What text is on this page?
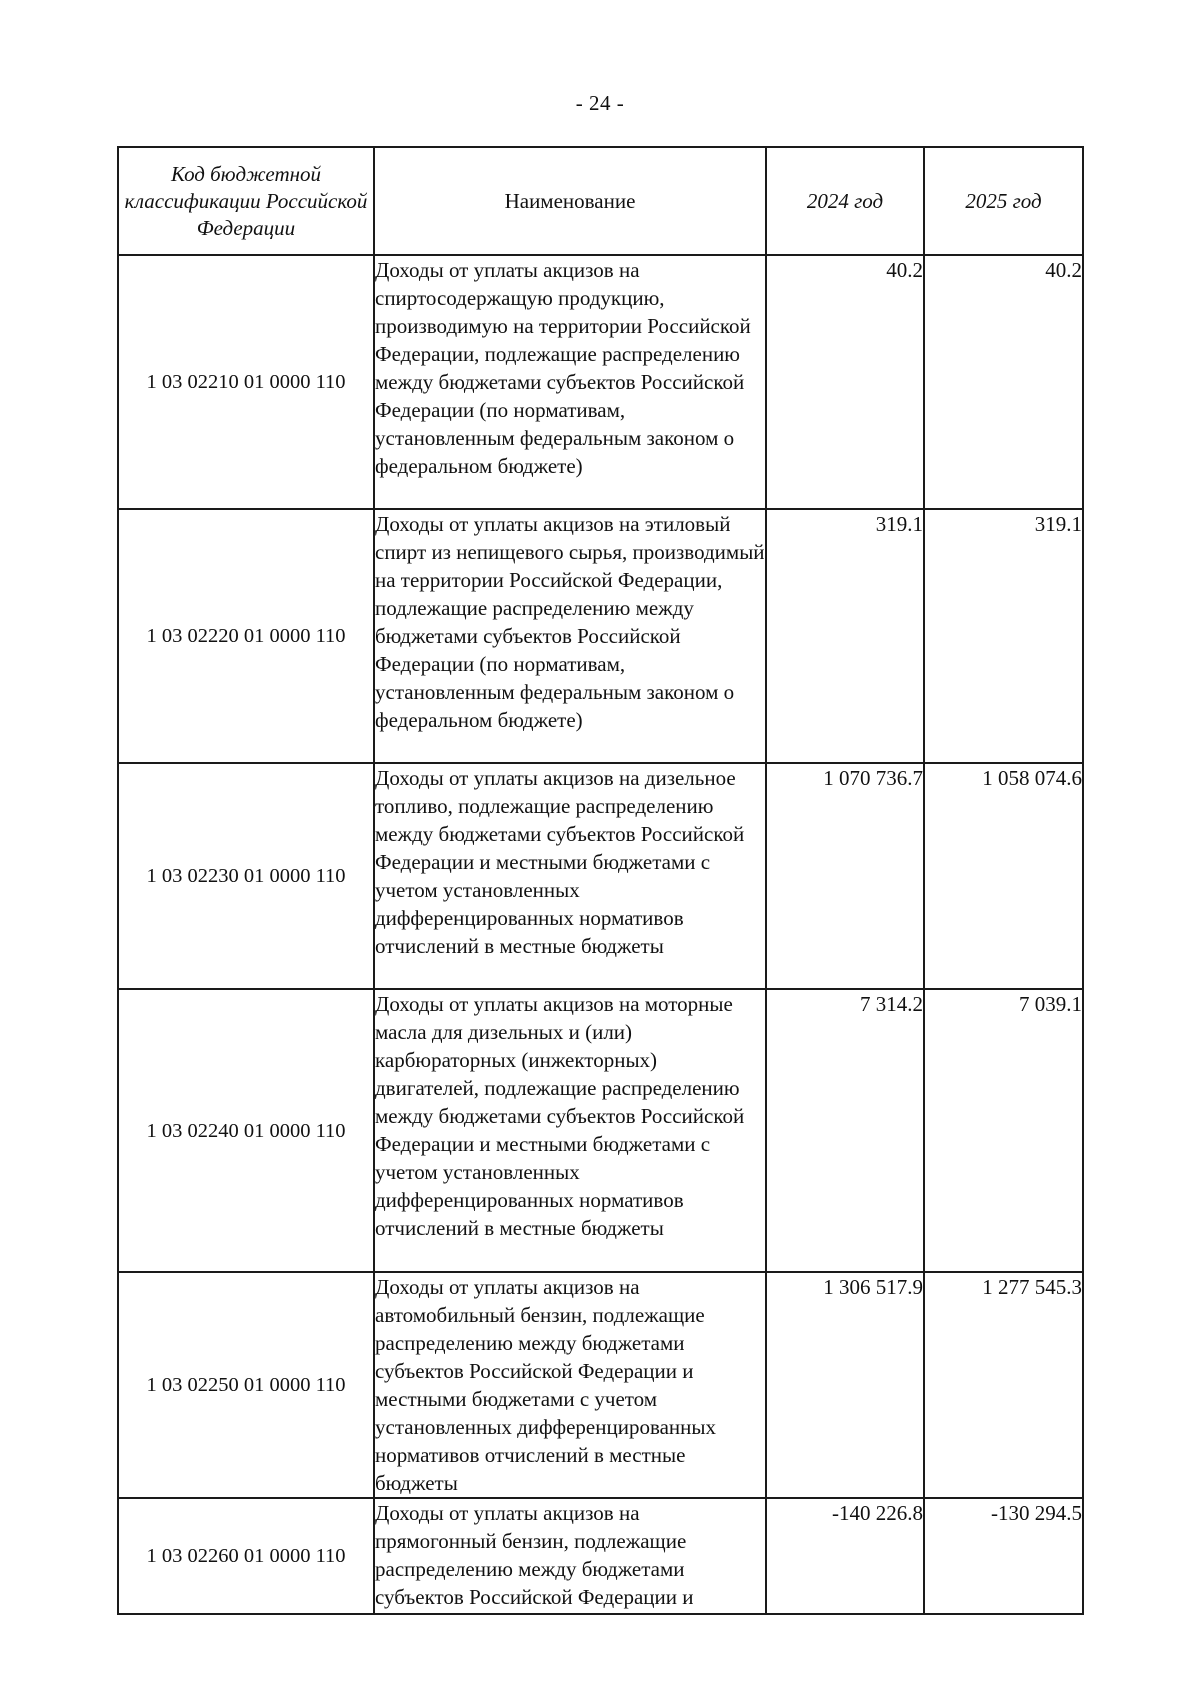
- 24 -
Код бюджетной классификации Российской Федерации	Наименование	2024 год	2025 год
1 03 02210 01 0000 110	Доходы от уплаты акцизов на спиртосодержащую продукцию, производимую на территории Российской Федерации, подлежащие распределению между бюджетами субъектов Российской Федерации (по нормативам, установленным федеральным законом о федеральном бюджете)	40.2	40.2
1 03 02220 01 0000 110	Доходы от уплаты акцизов на этиловый спирт из непищевого сырья, производимый на территории Российской Федерации, подлежащие распределению между бюджетами субъектов Российской Федерации (по нормативам, установленным федеральным законом о федеральном бюджете)	319.1	319.1
1 03 02230 01 0000 110	Доходы от уплаты акцизов на дизельное топливо, подлежащие распределению между бюджетами субъектов Российской Федерации и местными бюджетами с учетом установленных дифференцированных нормативов отчислений в местные бюджеты	1 070 736.7	1 058 074.6
1 03 02240 01 0000 110	Доходы от уплаты акцизов на моторные масла для дизельных и (или) карбюраторных (инжекторных) двигателей, подлежащие распределению между бюджетами субъектов Российской Федерации и местными бюджетами с учетом установленных дифференцированных нормативов отчислений в местные бюджеты	7 314.2	7 039.1
1 03 02250 01 0000 110	Доходы от уплаты акцизов на автомобильный бензин, подлежащие распределению между бюджетами субъектов Российской Федерации и местными бюджетами с учетом установленных дифференцированных нормативов отчислений в местные бюджеты	1 306 517.9	1 277 545.3
1 03 02260 01 0000 110	Доходы от уплаты акцизов на прямогонный бензин, подлежащие распределению между бюджетами субъектов Российской Федерации и	-140 226.8	-130 294.5
